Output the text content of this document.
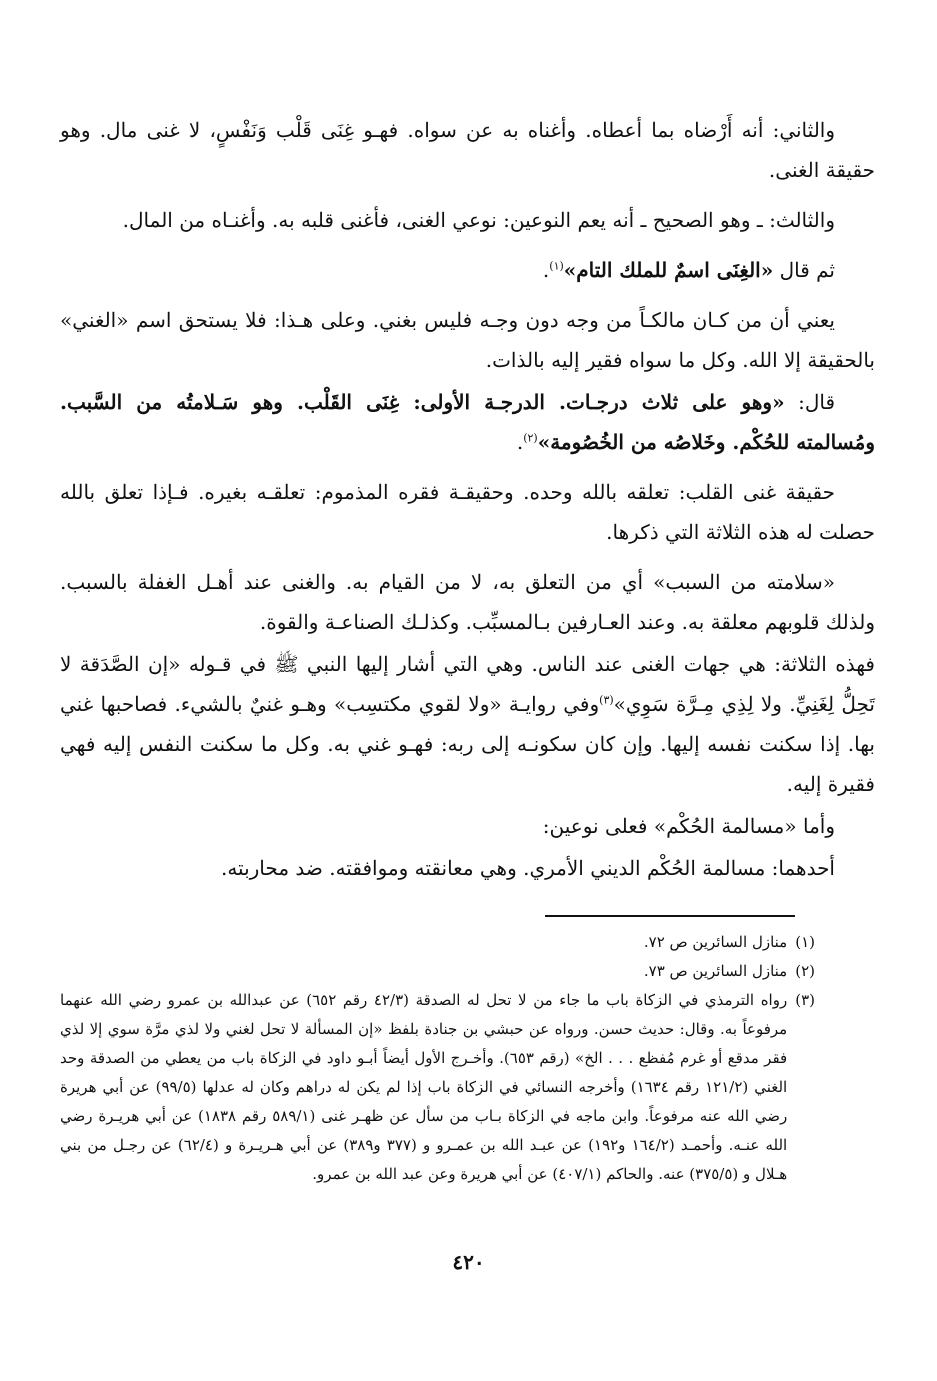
والثاني: أنه أَرْضاه بما أعطاه. وأغناه به عن سواه. فهـو غِنَى قَلْب وَنَفْسٍ، لا غنى مال. وهو حقيقة الغنى.

والثالث: ـ وهو الصحيح ـ أنه يعم النوعين: نوعي الغنى، فأغنى قلبه به. وأغنـاه من المال.

ثم قال «الغِنَى اسمٌ للملك التام»$^{(١)}$.

يعني أن من كـان مالكـاً من وجه دون وجـه فليس بغني. وعلى هـذا: فلا يستحق اسم «الغني» بالحقيقة إلا الله. وكل ما سواه فقير إليه بالذات.

قال: «وهو على ثلاث درجـات. الدرجـة الأولى: غِنَى القَلْب. وهو سَـلامتُه من السَّبب. ومُسالمته للحُكْم. وخَلاصُه من الخُصُومة»$^{(٢)}$.

حقيقة غنى القلب: تعلقه بالله وحده. وحقيقـة فقره المذموم: تعلقـه بغيره. فـإذا تعلق بالله حصلت له هذه الثلاثة التي ذكرها.

«سلامته من السبب» أي من التعلق به، لا من القيام به. والغنى عند أهـل الغفلة بالسبب. ولذلك قلوبهم معلقة به. وعند العـارفين بـالمسبِّب. وكذلـك الصناعـة والقوة.

فهذه الثلاثة: هي جهات الغنى عند الناس. وهي التي أشار إليها النبي ﷺ في قـوله «إن الصَّدَقة لا تَحِلُّ لِغَنِيِّ. ولا لِذِي مِـرَّة سَوِي»$^{(٣)}$وفي روايـة «ولا لقوي مكتسِب» وهـو غنيٌ بالشيء. فصاحبها غني بها. إذا سكنت نفسه إليها. وإن كان سكونـه إلى ربه: فهـو غني به. وكل ما سكنت النفس إليه فهي فقيرة إليه.

وأما «مسالمة الحُكْم» فعلى نوعين:

أحدهما: مسالمة الحُكْم الديني الأمري. وهي معانقته وموافقته. ضد محاربته.

(١)
منازل السائرين ص ٧٢.
(٢)
منازل السائرين ص ٧٣.
(٣)
رواه الترمذي في الزكاة باب ما جاء من لا تحل له الصدقة (٤٢/٣ رقم ٦٥٢) عن عبدالله بن عمرو رضي الله عنهما مرفوعاً به. وقال: حديث حسن. ورواه عن حبشي بن جنادة بلفظ «إن المسألة لا تحل لغني ولا لذي مرَّة سوي إلا لذي فقر مدقع أو غرم مُفظع . . . الخ» (رقم ٦٥٣). وأخـرج الأول أيضاً أبـو داود في الزكاة باب من يعطي من الصدقة وحد الغني (١٢١/٢ رقم ١٦٣٤) وأخرجه النسائي في الزكاة باب إذا لم يكن له دراهم وكان له عدلها (٩٩/٥) عن أبي هريرة رضي الله عنه مرفوعاً. وابن ماجه في الزكاة بـاب من سأل عن ظهـر غنى (٥٨٩/١ رقم ١٨٣٨) عن أبي هريـرة رضي الله عنـه. وأحمـد (١٦٤/٢ و١٩٢) عن عبـد الله بن عمـرو و (٣٧٧ و٣٨٩) عن أبي هـريـرة و (٦٢/٤) عن رجـل من بني هـلال و (٣٧٥/٥) عنه. والحاكم (٤٠٧/١) عن أبي هريرة وعن عبد الله بن عمرو.
٤٢٠
